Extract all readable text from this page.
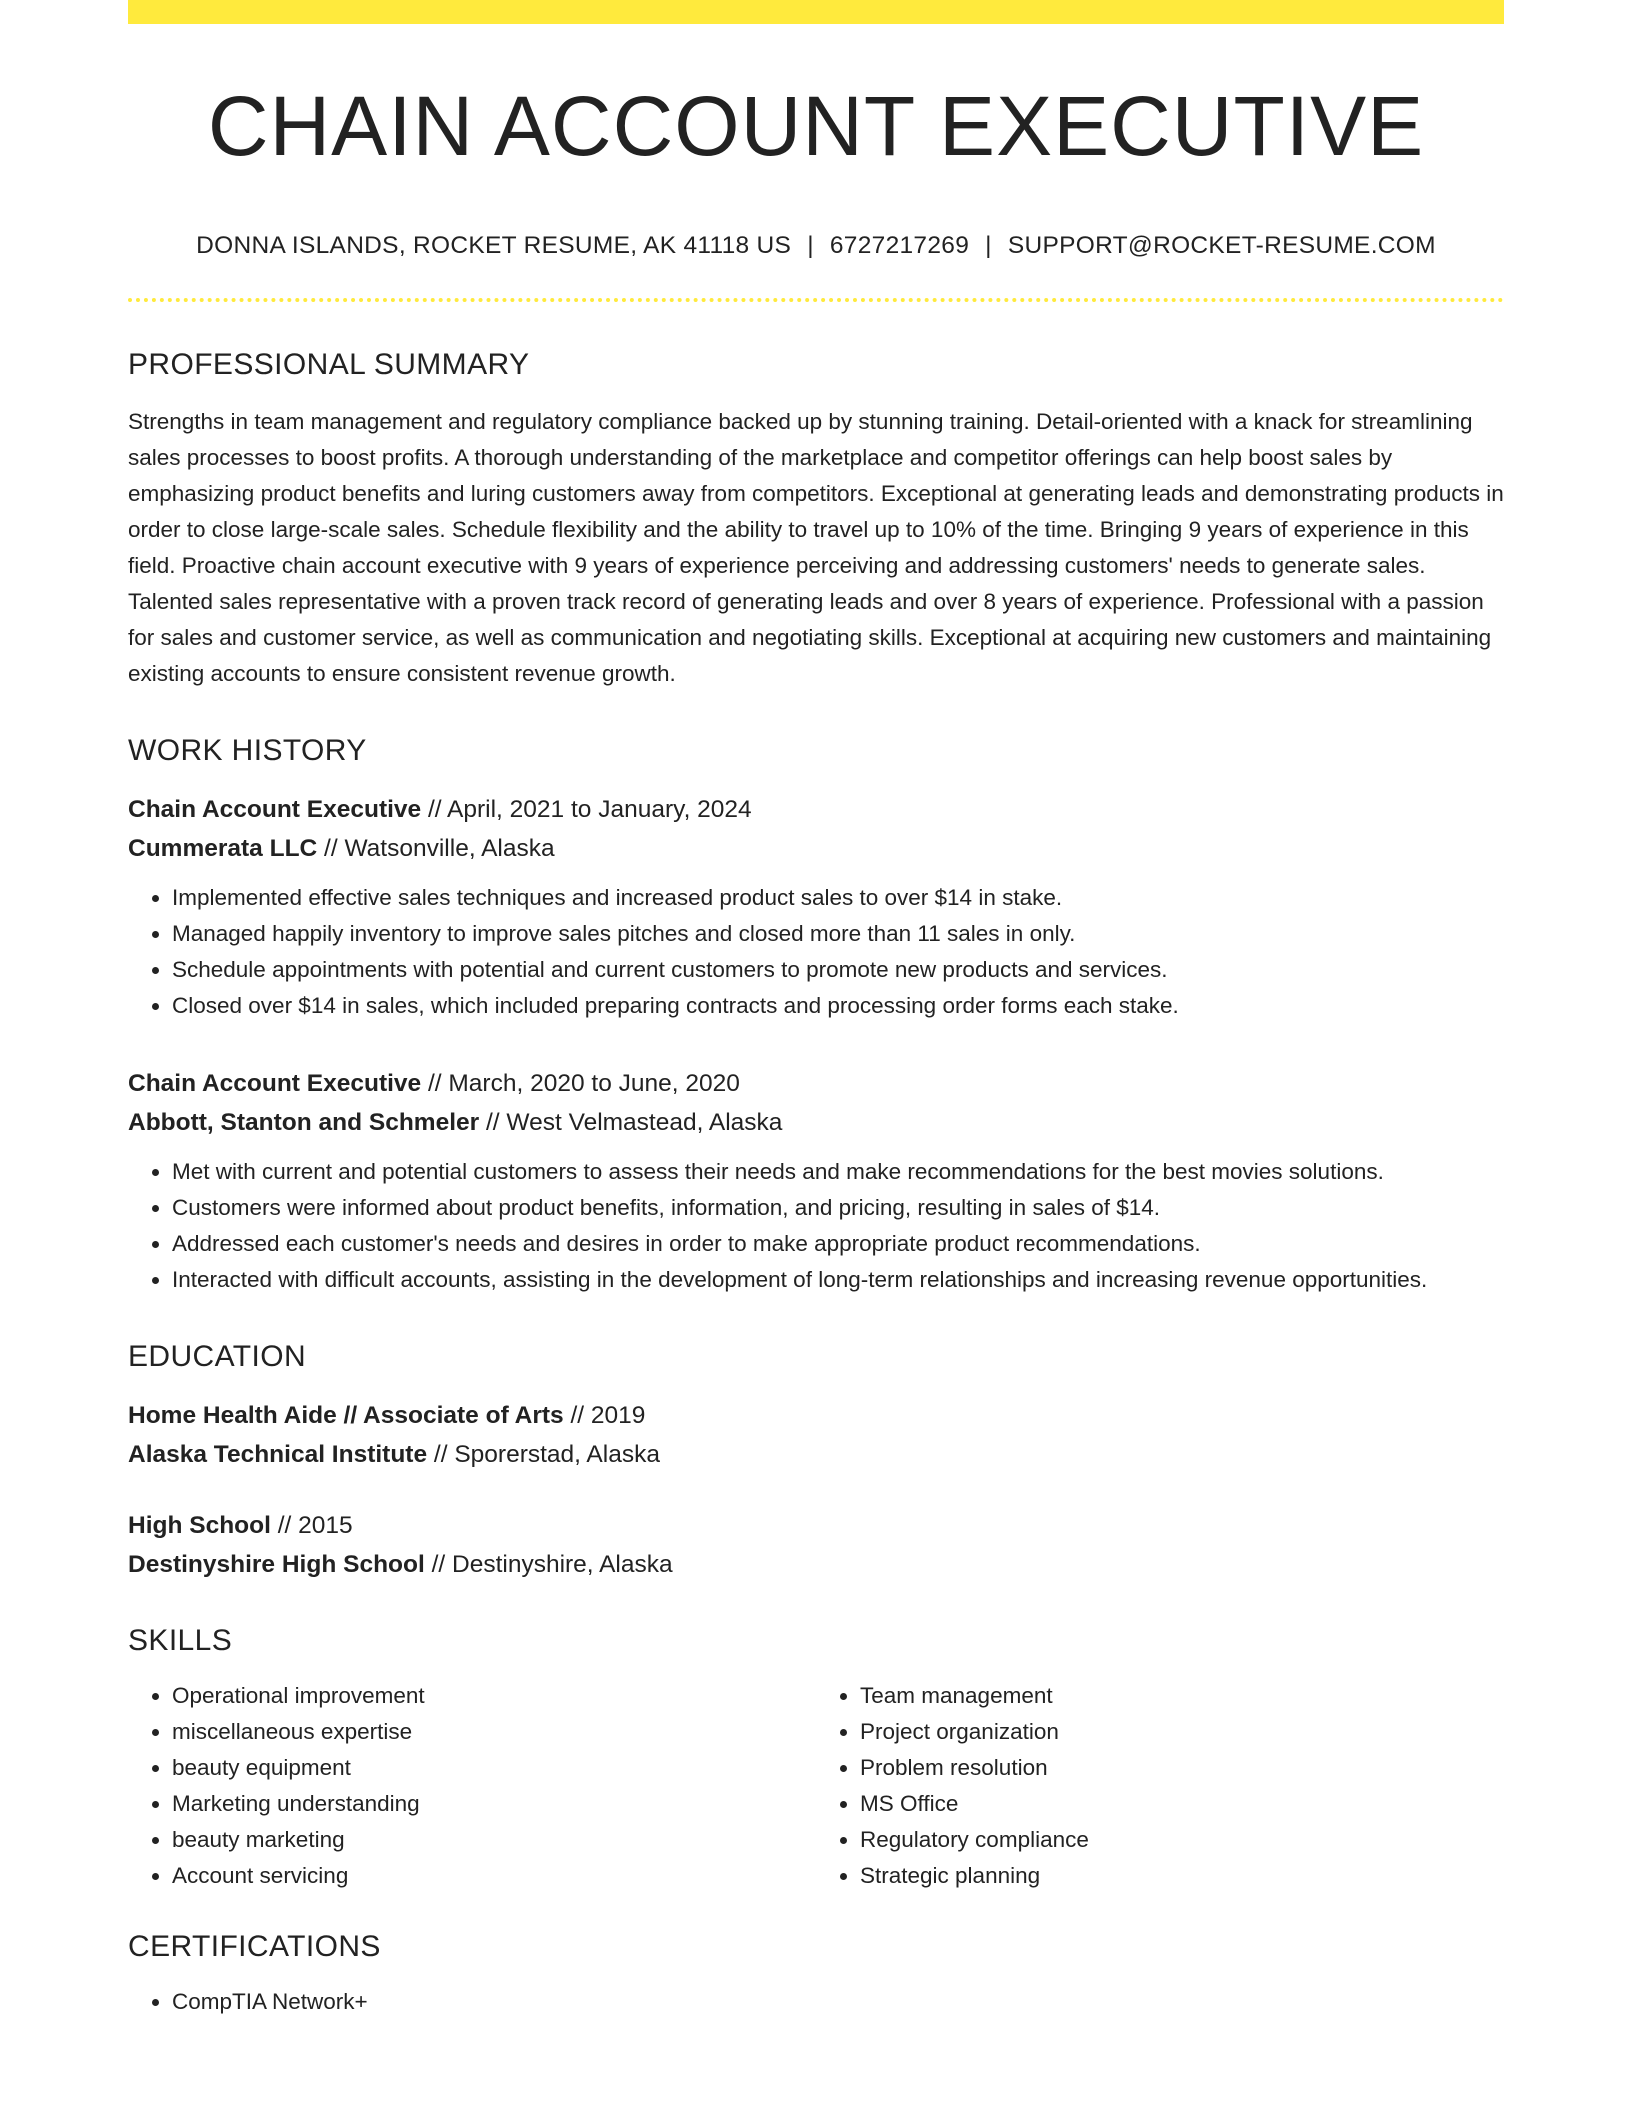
CHAIN ACCOUNT EXECUTIVE
DONNA ISLANDS, ROCKET RESUME, AK 41118 US | 6727217269 | SUPPORT@ROCKET-RESUME.COM
PROFESSIONAL SUMMARY
Strengths in team management and regulatory compliance backed up by stunning training. Detail-oriented with a knack for streamlining sales processes to boost profits. A thorough understanding of the marketplace and competitor offerings can help boost sales by emphasizing product benefits and luring customers away from competitors. Exceptional at generating leads and demonstrating products in order to close large-scale sales. Schedule flexibility and the ability to travel up to 10% of the time. Bringing 9 years of experience in this field. Proactive chain account executive with 9 years of experience perceiving and addressing customers' needs to generate sales. Talented sales representative with a proven track record of generating leads and over 8 years of experience. Professional with a passion for sales and customer service, as well as communication and negotiating skills. Exceptional at acquiring new customers and maintaining existing accounts to ensure consistent revenue growth.
WORK HISTORY
Chain Account Executive // April, 2021 to January, 2024
Cummerata LLC // Watsonville, Alaska
• Implemented effective sales techniques and increased product sales to over $14 in stake.
• Managed happily inventory to improve sales pitches and closed more than 11 sales in only.
• Schedule appointments with potential and current customers to promote new products and services.
• Closed over $14 in sales, which included preparing contracts and processing order forms each stake.
Chain Account Executive // March, 2020 to June, 2020
Abbott, Stanton and Schmeler // West Velmastead, Alaska
• Met with current and potential customers to assess their needs and make recommendations for the best movies solutions.
• Customers were informed about product benefits, information, and pricing, resulting in sales of $14.
• Addressed each customer's needs and desires in order to make appropriate product recommendations.
• Interacted with difficult accounts, assisting in the development of long-term relationships and increasing revenue opportunities.
EDUCATION
Home Health Aide // Associate of Arts // 2019
Alaska Technical Institute // Sporerstad, Alaska
High School // 2015
Destinyshire High School // Destinyshire, Alaska
SKILLS
• Operational improvement
• miscellaneous expertise
• beauty equipment
• Marketing understanding
• beauty marketing
• Account servicing
• Team management
• Project organization
• Problem resolution
• MS Office
• Regulatory compliance
• Strategic planning
CERTIFICATIONS
• CompTIA Network+
